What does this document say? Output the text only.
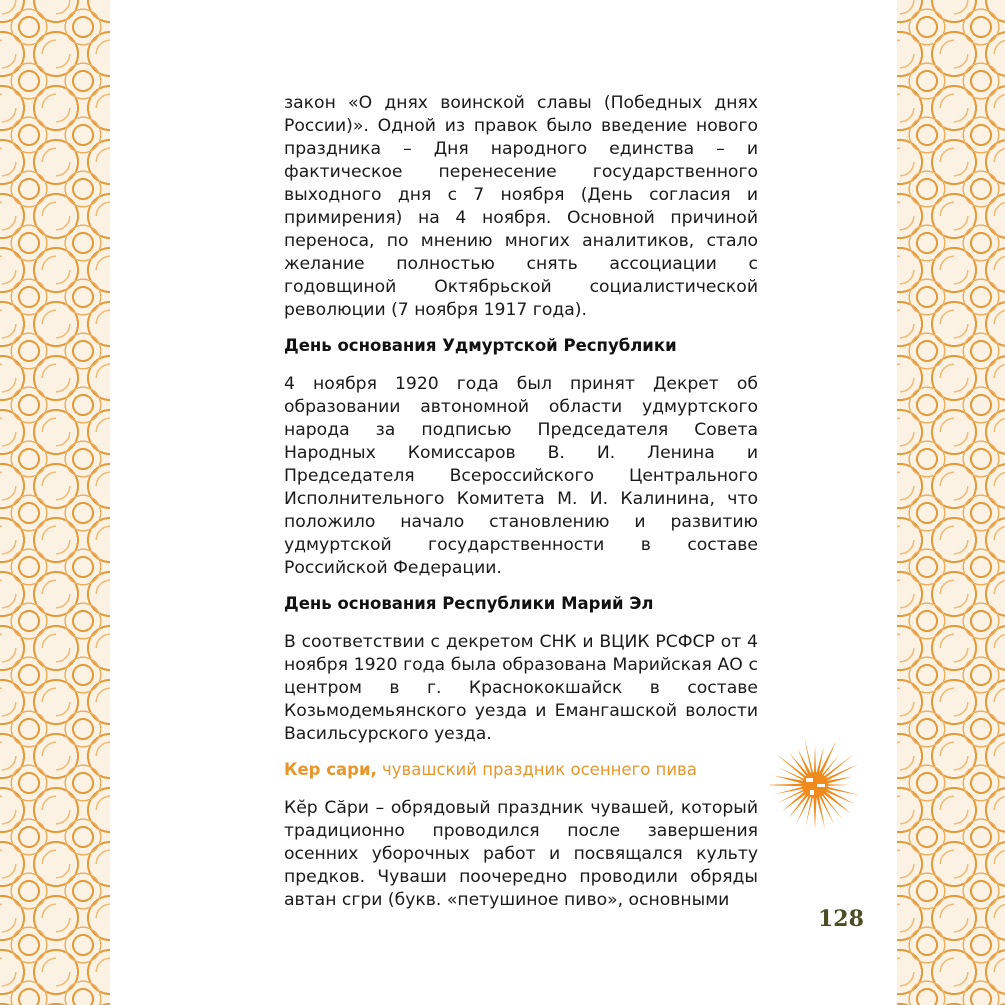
закон «О днях воинской славы (Победных днях России)». Одной из правок было введение нового праздника – Дня народного единства – и фактическое перенесение государственного выходного дня с 7 ноября (День согласия и примирения) на 4 ноября. Основной причиной переноса, по мнению многих аналитиков, стало желание полностью снять ассоциации с годовщиной Октябрьской социалистической революции (7 ноября 1917 года).

День основания Удмуртской Республики

4 ноября 1920 года был принят Декрет об образовании автономной области удмуртского народа за подписью Председателя Совета Народных Комиссаров В. И. Ленина и Председателя Всероссийского Центрального Исполнительного Комитета М. И. Калинина, что положило начало становлению и развитию удмуртской государственности в составе Российской Федерации.

День основания Республики Марий Эл

В соответствии с декретом СНК и ВЦИК РСФСР от 4 ноября 1920 года была образована Марийская АО с центром в г. Краснококшайск в составе Козьмодемьянского уезда и Емангашской волости Васильсурского уезда.

Кер сари, чувашский праздник осеннего пива

Кĕр Сăри – обрядовый праздник чувашей, который традиционно проводился после завершения осенних уборочных работ и посвящался культу предков. Чуваши поочередно проводили обряды автан сгри (букв. «петушиное пиво», основными

128
